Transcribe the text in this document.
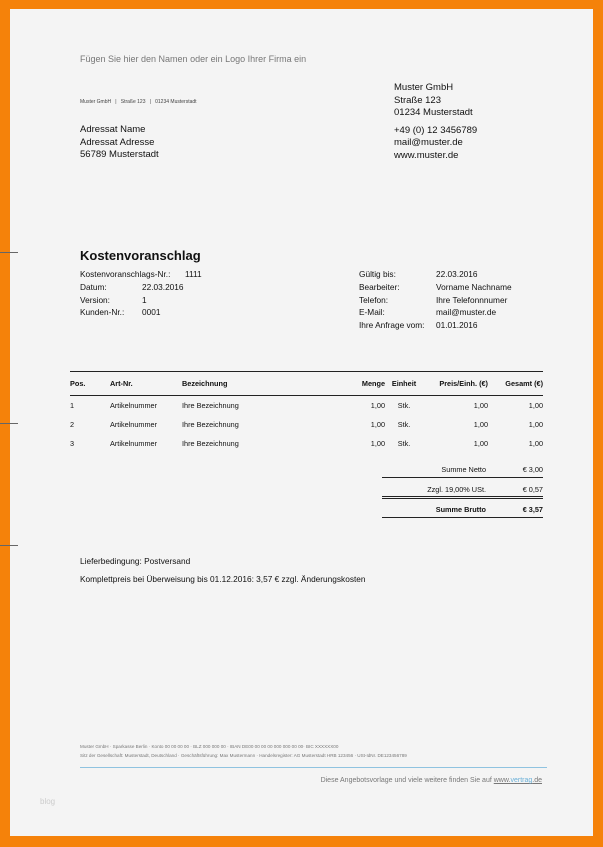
Fügen Sie hier den Namen oder ein Logo Ihrer Firma ein
Muster GmbH   |   Straße 123   |   01234 Musterstadt
Adressat Name
Adressat Adresse
56789 Musterstadt
Muster GmbH
Straße 123
01234 Musterstadt
+49 (0) 12 3456789
mail@muster.de
www.muster.de
Kostenvoranschlag
Kostenvoranschlags-Nr.: 1111
Datum:	22.03.2016
Version:	1
Kunden-Nr.: 0001
Gültig bis:	22.03.2016
Bearbeiter:	Vorname Nachname
Telefon:	Ihre Telefonnnumer
E-Mail:	mail@muster.de
Ihre Anfrage vom: 01.01.2016
Pos.	Art-Nr.	Bezeichnung	Menge	Einheit	Preis/Einh. (€)	Gesamt (€)
1	Artikelnummer	Ihre Bezeichnung	1,00	Stk.	1,00	1,00
2	Artikelnummer	Ihre Bezeichnung	1,00	Stk.	1,00	1,00
3	Artikelnummer	Ihre Bezeichnung	1,00	Stk.	1,00	1,00
Summe Netto	€ 3,00
Zzgl. 19,00% USt.	€ 0,57
Summe Brutto	€ 3,57
Lieferbedingung: Postversand
Komplettpreis bei Überweisung bis 01.12.2016: 3,57 € zzgl. Änderungskosten
Muster GmbH · Sparkasse Berlin · Konto 00 00 00 00 · BLZ 000 000 00 · IBAN DE00 00 00 00 000 000 00 00· BIC XXXXXX00
Sitz der Gesellschaft: Musterstadt, Deutschland · Geschäftsführung: Max Mustermann · Handelsregister: AG Musterstadt HRB 123456 · USt-IdNr. DE123456789
Diese Angebotsvorlage und viele weitere finden Sie auf www.vertrag.de
blog
